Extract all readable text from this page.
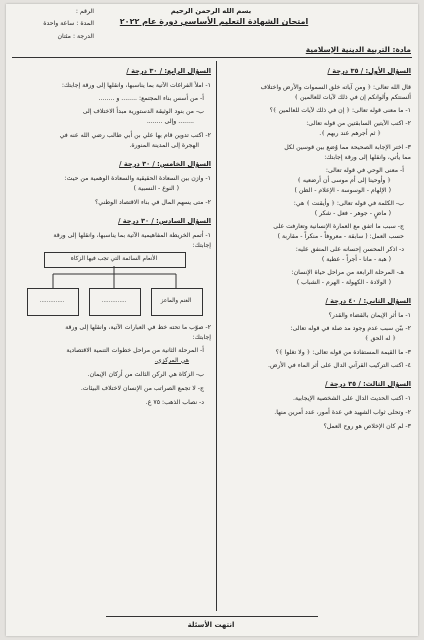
بسم الله الرحمن الرحيم
امتحان الشهادة التعليم الأساسي دورة عام ٢٠٢٢
الرقم :
المدة : ساعة واحدة
الدرجة : مئتان
مادة: التربية الدينية الإسلامية
السؤال الأول: / ٣٥ درجة /
قال الله تعالى: ﴿ ومن آياته خلق السموات والأرض واختلاف
ألسنتكم وألوانكم إن في ذلك لآيات للعالمين ﴾
١- ما معنى قوله تعالى: ﴿ إن في ذلك لآيات للعالمين ﴾؟
٢- اكتب الآيتين السابقتين من قوله تعالى:
﴿ ثم أجرهم عند ربهم ﴾.
٣- اختر الإجابة الصحيحة مما وُضع بين قوسين لكل
مما يأتي، وانقلها إلى ورقة إجابتك:
أ- معنى الوحي في قوله تعالى:
﴿ وأوحينا إلى أم موسى أن أرضعيه ﴾
( الإلهام - الوسوسة - الإعلام - الظن )
ب- الكلمة في قوله تعالى: ﴿ وأيقنت ﴾ هي:
( ماضٍ - جوهر - فعل - شكر )
ج- سبب ما اتفق مع العمارة الإنسانية وتعارفت على
حسب العمل: ( سابقة - معروفاً - منكراً - مقاربة )
د- اذكر المحسن إحسانه على المنفق عليه:
( هبة - مانا - أجراً - عطية )
هـ- المرحلة الرابعة من مراحل حياة الإنسان:
( الولادة - الكهولة - الهرم - الشباب )
السؤال الثاني: / ٤٠ درجة /
١- ما أثر الإيمان بالقضاء والقدر؟
٢- بيّن سبب عدم وجود مد صلة في قوله تعالى:
﴿ له الحق ﴾
٣- ما القيمة المستفادة من قوله تعالى: ﴿ ولا تغلوا ﴾؟
٤- اكتب التركيب القرآني الدال على أثر الماء في الأرض.
السؤال الثالث: / ٣٥ درجة /
١- اكتب الحديث الدال على الشخصية الإيجابية.
٢- وتحلى ثواب الشهيد في عدة أمور، عدد أمرين منها.
٣- لم كان الإخلاص هو روح العمل؟
السؤال الرابع: / ٣٠ درجة /
١- املأ الفراغات الآتية بما يناسبها، وانقلها إلى ورقة إجابتك:
أ- من أسس بناء المجتمع: ........ و ........
ب- من بنود الوثيقة الدستورية مبدأ الاختلاف إلى
........ وإلى ........
٢- اكتب تدوين قام بها علي بن أبي طالب رضي الله عنه في
الهجرة إلى المدينة المنورة.
السؤال الخامس: / ٣٠ درجة /
١- وازن بين السعادة الحقيقية والسعادة الوهمية من حيث:
( النوع - النسبية )
٢- متى يسهم المال في بناء الاقتصاد الوطني؟
السؤال السادس: / ٣٠ درجة /
١- أتمم الخريطة المفاهيمية الآتية بما يناسبها، وانقلها إلى ورقة
إجابتك:
الأنعام السائمة التي تجب فيها الزكاة
الغنم والماعز
..............
..............
٢- صوّب ما تحته خط في العبارات الآتية، وانقلها إلى ورقة
إجابتك:
أ- المرحلة الثانية من مراحل خطوات التنمية الاقتصادية
هي المركزي.
ب- الزكاة هي الركن الثالث من أركان الإيمان.
ج- لا تجمع الصراتب من الإنسان لاختلاف البيئات.
د- نصاب الذهب: ٧٥ غ.
انتهت الأسئلة
